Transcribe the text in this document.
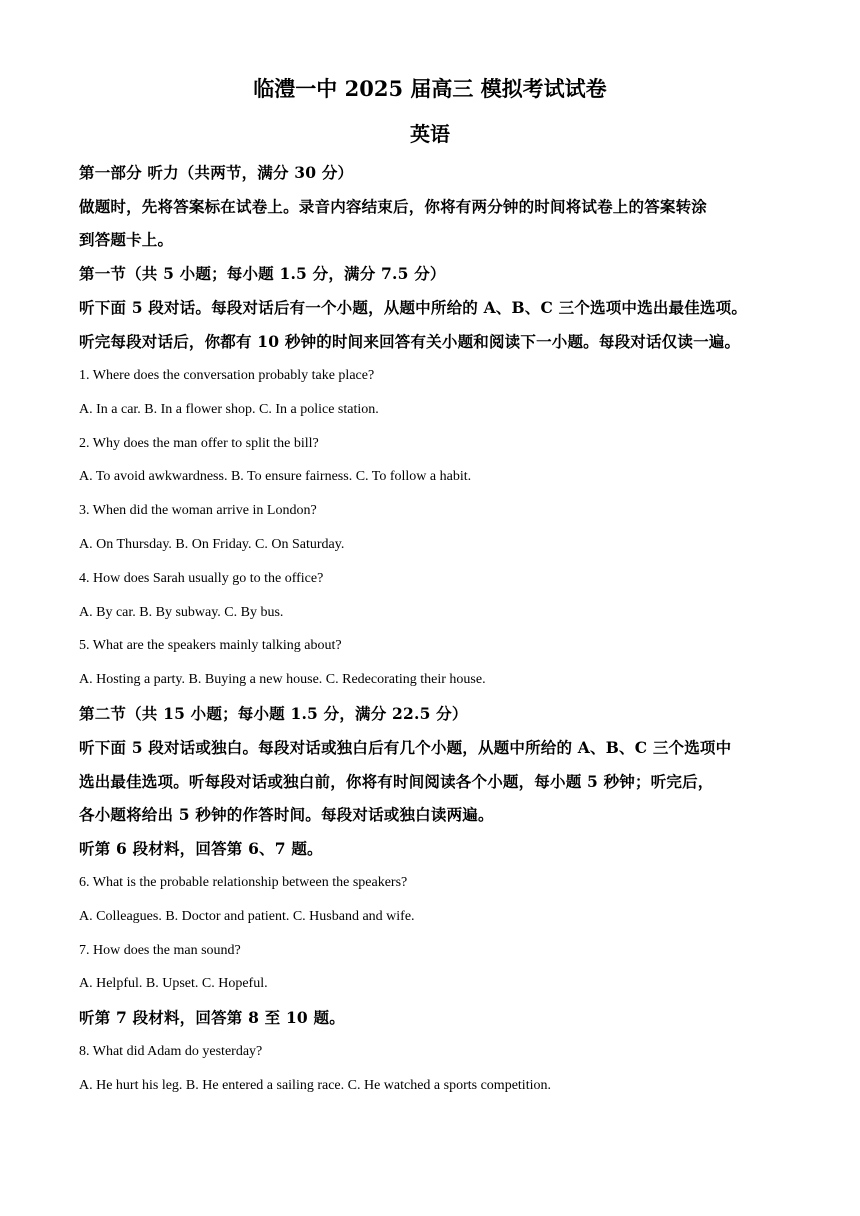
临澧一中 2025 届高三 模拟考试试卷
英语
第一部分 听力（共两节，满分 30 分）
做题时，先将答案标在试卷上。录音内容结束后，你将有两分钟的时间将试卷上的答案转涂
到答题卡上。
第一节（共 5 小题；每小题 1.5 分，满分 7.5 分）
听下面 5 段对话。每段对话后有一个小题，从题中所给的 A、B、C 三个选项中选出最佳选项。
听完每段对话后，你都有 10 秒钟的时间来回答有关小题和阅读下一小题。每段对话仅读一遍。
1. Where does the conversation probably take place?
A. In a car. B. In a flower shop. C. In a police station.
2. Why does the man offer to split the bill?
A. To avoid awkwardness. B. To ensure fairness. C. To follow a habit.
3. When did the woman arrive in London?
A. On Thursday. B. On Friday. C. On Saturday.
4. How does Sarah usually go to the office?
A. By car. B. By subway. C. By bus.
5. What are the speakers mainly talking about?
A. Hosting a party. B. Buying a new house. C. Redecorating their house.
第二节（共 15 小题；每小题 1.5 分，满分 22.5 分）
听下面 5 段对话或独白。每段对话或独白后有几个小题，从题中所给的 A、B、C 三个选项中
选出最佳选项。听每段对话或独白前，你将有时间阅读各个小题，每小题 5 秒钟；听完后，
各小题将给出 5 秒钟的作答时间。每段对话或独白读两遍。
听第 6 段材料，回答第 6、7 题。
6. What is the probable relationship between the speakers?
A. Colleagues. B. Doctor and patient. C. Husband and wife.
7. How does the man sound?
A. Helpful. B. Upset. C. Hopeful.
听第 7 段材料，回答第 8 至 10 题。
8. What did Adam do yesterday?
A. He hurt his leg. B. He entered a sailing race. C. He watched a sports competition.
